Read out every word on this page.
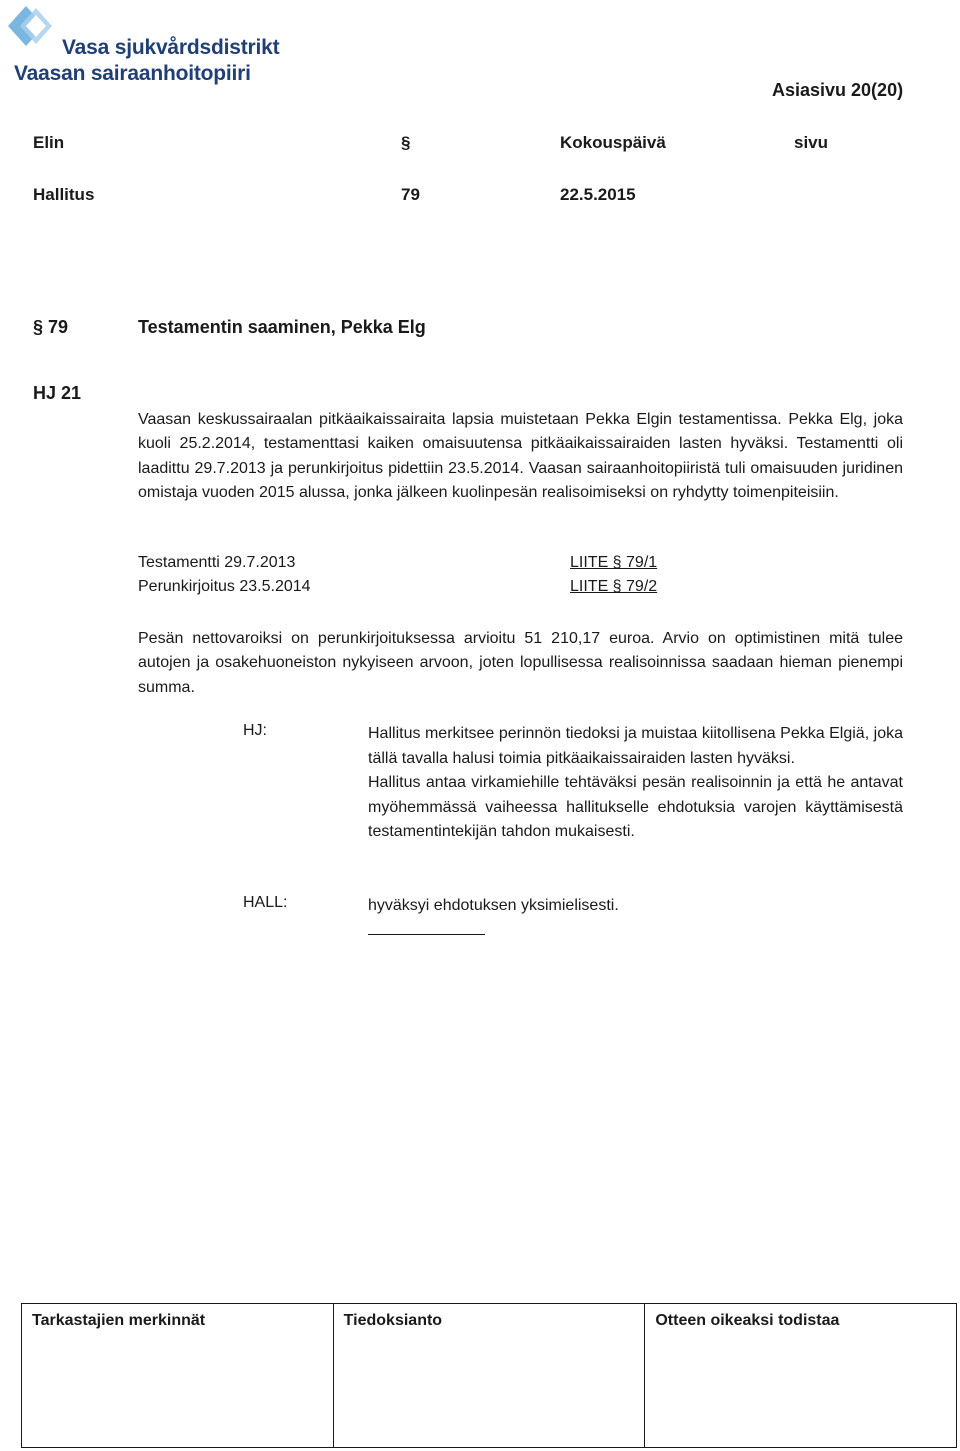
Vasa sjukvårdsdistrikt
Vaasan sairaanhoitopiiri
Asiasivu 20(20)
Elin	§	Kokouspäivä	sivu
Hallitus	79	22.5.2015
§ 79	Testamentin saaminen, Pekka Elg
HJ 21
Vaasan keskussairaalan pitkäaikaissairaita lapsia muistetaan Pekka Elgin testamentissa. Pekka Elg, joka kuoli 25.2.2014, testamenttasi kaiken omaisuutensa pitkäaikaissairaiden lasten hyväksi. Testamentti oli laadittu 29.7.2013 ja perunkirjoitus pidettiin 23.5.2014. Vaasan sairaanhoitopiiristä tuli omaisuuden juridinen omistaja vuoden 2015 alussa, jonka jälkeen kuolinpesän realisoimiseksi on ryhdytty toimenpiteisiin.
Testamentti 29.7.2013	LIITE § 79/1
Perunkirjoitus 23.5.2014	LIITE § 79/2
Pesän nettovaroiksi on perunkirjoituksessa arvioitu 51 210,17 euroa. Arvio on optimistinen mitä tulee autojen ja osakehuoneiston nykyiseen arvoon, joten lopullisessa realisoinnissa saadaan hieman pienempi summa.
HJ:	Hallitus merkitsee perinnön tiedoksi ja muistaa kiitollisena Pekka Elgiä, joka tällä tavalla halusi toimia pitkäaikaissairaiden lasten hyväksi.
Hallitus antaa virkamiehille tehtäväksi pesän realisoinnin ja että he antavat myöhemmässä vaiheessa hallitukselle ehdotuksia varojen käyttämisestä testamentintekijän tahdon mukaisesti.
HALL:	hyväksyi ehdotuksen yksimielisesti.
Tarkastajien merkinnät	Tiedoksianto	Otteen oikeaksi todistaa
